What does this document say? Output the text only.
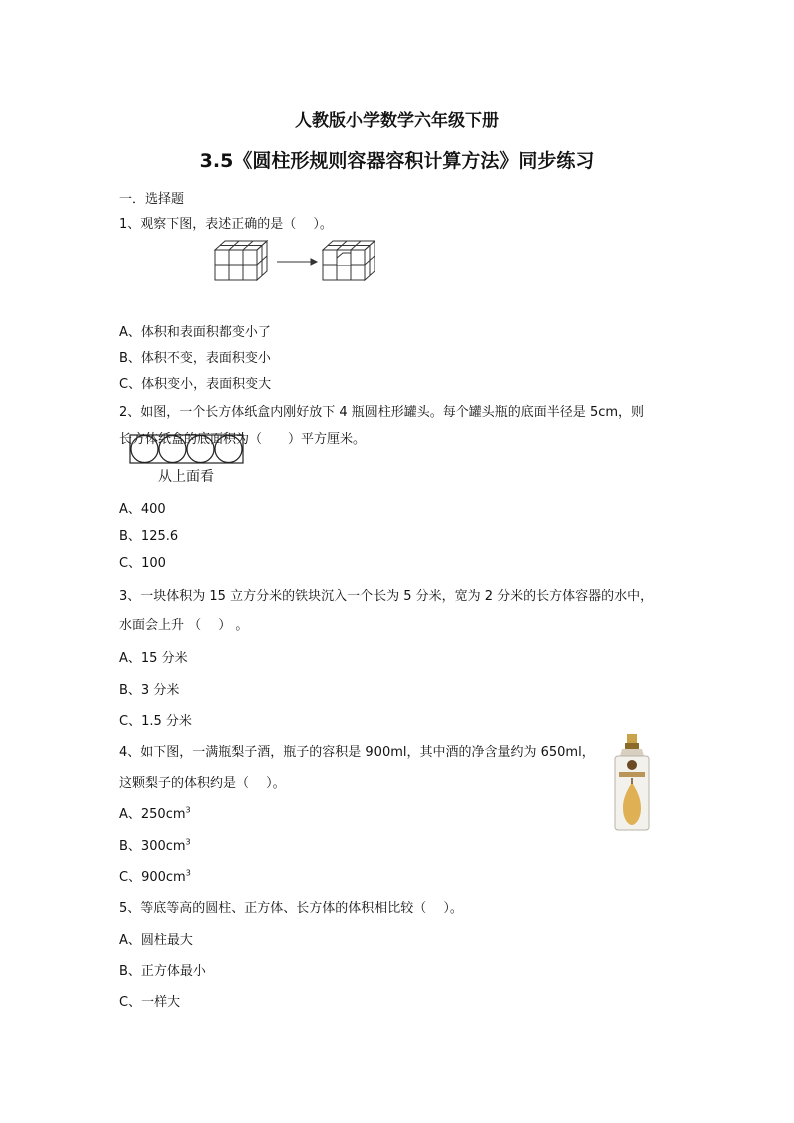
人教版小学数学六年级下册
3.5《圆柱形规则容器容积计算方法》同步练习
一．选择题
1、观察下图，表述正确的是（　 ）。
A、体积和表面积都变小了
B、体积不变，表面积变小
C、体积变小，表面积变大
2、如图，一个长方体纸盒内刚好放下 4 瓶圆柱形罐头。每个罐头瓶的底面半径是 5cm，则
长方体纸盒的底面积为（　　）平方厘米。
从上面看
A、400
B、125.6
C、100
3、一块体积为 15 立方分米的铁块沉入一个长为 5 分米，宽为 2 分米的长方体容器的水中，
水面会上升 （　 ） 。
A、15 分米
B、3 分米
C、1.5 分米
4、如下图，一满瓶梨子酒，瓶子的容积是 900ml，其中酒的净含量约为 650ml，
这颗梨子的体积约是（　 ）。
A、$250cm^3$
B、$300cm^3$
C、$900cm^3$
5、等底等高的圆柱、正方体、长方体的体积相比较（　 ）。
A、圆柱最大
B、正方体最小
C、一样大
